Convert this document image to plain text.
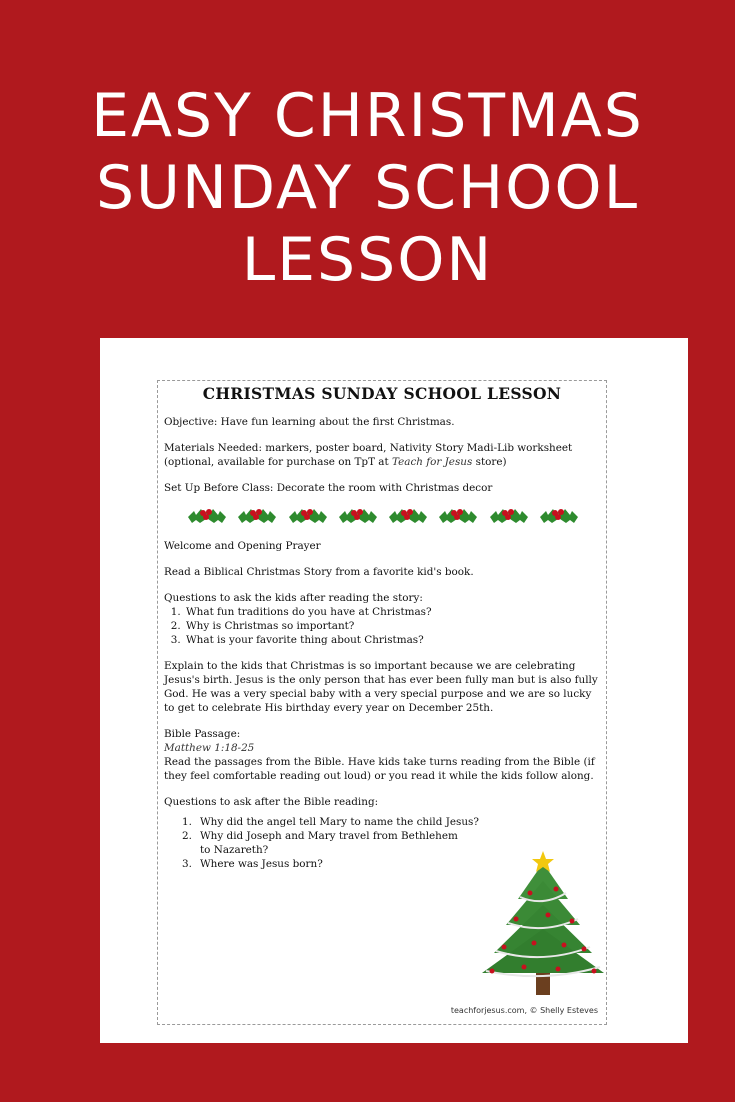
EASY CHRISTMAS
SUNDAY SCHOOL
LESSON
CHRISTMAS SUNDAY SCHOOL LESSON

Objective: Have fun learning about the first Christmas.

Materials Needed: markers, poster board, Nativity Story Madi-Lib worksheet
(optional, available for purchase on TpT at Teach for Jesus store)

Set Up Before Class: Decorate the room with Christmas decor

Welcome and Opening Prayer

Read a Biblical Christmas Story from a favorite kid's book.

Questions to ask the kids after reading the story:

1. What fun traditions do you have at Christmas?
2. Why is Christmas so important?
3. What is your favorite thing about Christmas?

Explain to the kids that Christmas is so important because we are celebrating Jesus's birth. Jesus is the only person that has ever been fully man but is also fully God. He was a very special baby with a very special purpose and we are so lucky to get to celebrate His birthday every year on December 25th.

Bible Passage:

Matthew 1:18-25

Read the passages from the Bible. Have kids take turns reading from the Bible (if they feel comfortable reading out loud) or you read it while the kids follow along.

Questions to ask after the Bible reading:

1. Why did the angel tell Mary to name the child Jesus?
2. Why did Joseph and Mary travel from Bethlehem
to Nazareth?
3. Where was Jesus born?
teachforjesus.com, © Shelly Esteves
